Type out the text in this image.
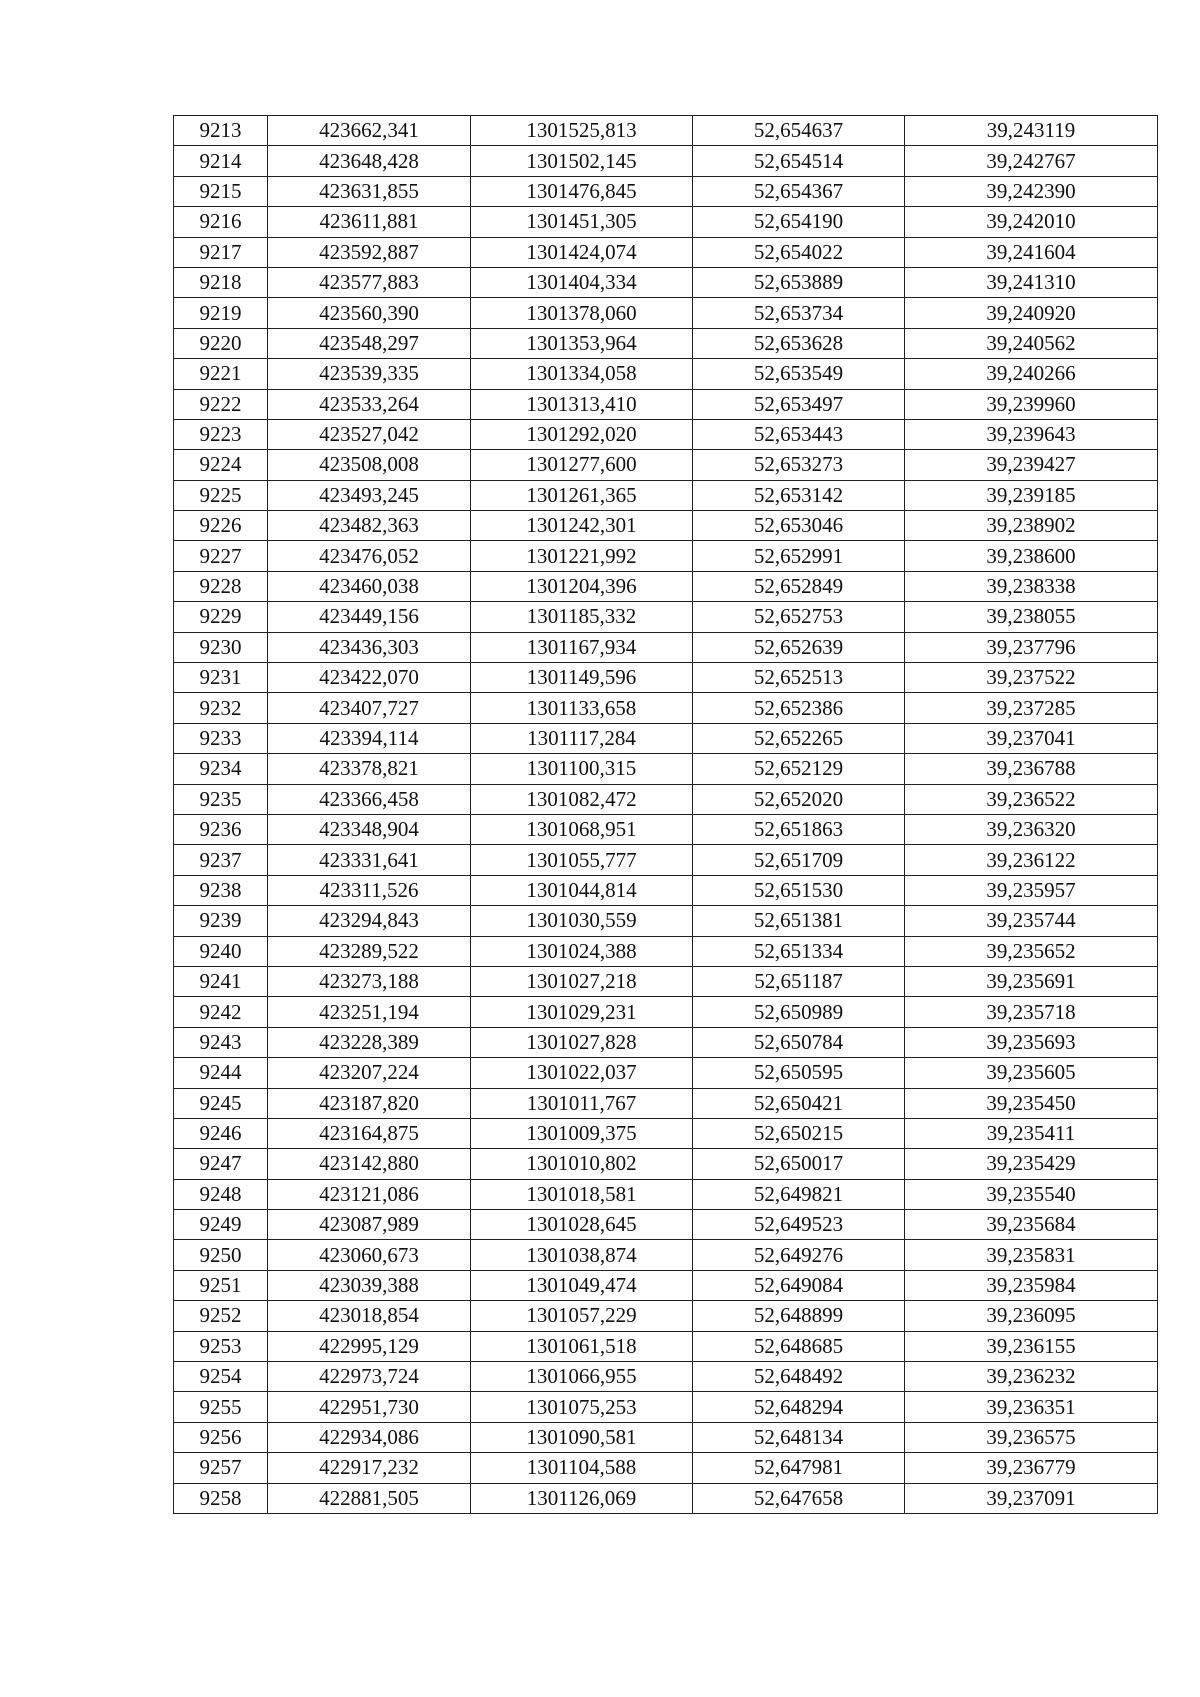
9213	423662,341	1301525,813	52,654637	39,243119
9214	423648,428	1301502,145	52,654514	39,242767
9215	423631,855	1301476,845	52,654367	39,242390
9216	423611,881	1301451,305	52,654190	39,242010
9217	423592,887	1301424,074	52,654022	39,241604
9218	423577,883	1301404,334	52,653889	39,241310
9219	423560,390	1301378,060	52,653734	39,240920
9220	423548,297	1301353,964	52,653628	39,240562
9221	423539,335	1301334,058	52,653549	39,240266
9222	423533,264	1301313,410	52,653497	39,239960
9223	423527,042	1301292,020	52,653443	39,239643
9224	423508,008	1301277,600	52,653273	39,239427
9225	423493,245	1301261,365	52,653142	39,239185
9226	423482,363	1301242,301	52,653046	39,238902
9227	423476,052	1301221,992	52,652991	39,238600
9228	423460,038	1301204,396	52,652849	39,238338
9229	423449,156	1301185,332	52,652753	39,238055
9230	423436,303	1301167,934	52,652639	39,237796
9231	423422,070	1301149,596	52,652513	39,237522
9232	423407,727	1301133,658	52,652386	39,237285
9233	423394,114	1301117,284	52,652265	39,237041
9234	423378,821	1301100,315	52,652129	39,236788
9235	423366,458	1301082,472	52,652020	39,236522
9236	423348,904	1301068,951	52,651863	39,236320
9237	423331,641	1301055,777	52,651709	39,236122
9238	423311,526	1301044,814	52,651530	39,235957
9239	423294,843	1301030,559	52,651381	39,235744
9240	423289,522	1301024,388	52,651334	39,235652
9241	423273,188	1301027,218	52,651187	39,235691
9242	423251,194	1301029,231	52,650989	39,235718
9243	423228,389	1301027,828	52,650784	39,235693
9244	423207,224	1301022,037	52,650595	39,235605
9245	423187,820	1301011,767	52,650421	39,235450
9246	423164,875	1301009,375	52,650215	39,235411
9247	423142,880	1301010,802	52,650017	39,235429
9248	423121,086	1301018,581	52,649821	39,235540
9249	423087,989	1301028,645	52,649523	39,235684
9250	423060,673	1301038,874	52,649276	39,235831
9251	423039,388	1301049,474	52,649084	39,235984
9252	423018,854	1301057,229	52,648899	39,236095
9253	422995,129	1301061,518	52,648685	39,236155
9254	422973,724	1301066,955	52,648492	39,236232
9255	422951,730	1301075,253	52,648294	39,236351
9256	422934,086	1301090,581	52,648134	39,236575
9257	422917,232	1301104,588	52,647981	39,236779
9258	422881,505	1301126,069	52,647658	39,237091
